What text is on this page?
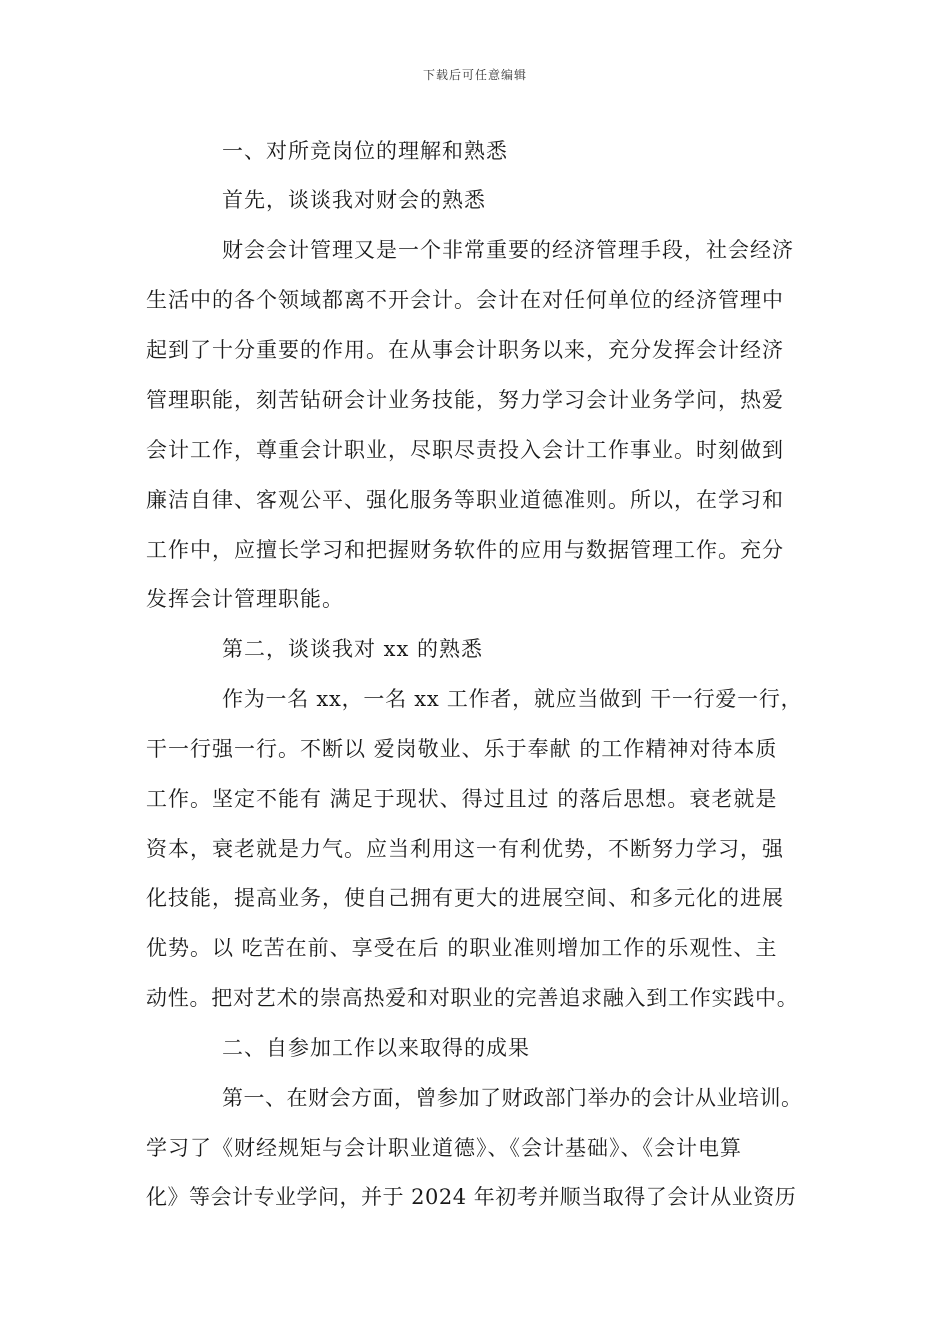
下载后可任意编辑
一、对所竞岗位的理解和熟悉
首先，谈谈我对财会的熟悉
财会会计管理又是一个非常重要的经济管理手段，社会经济
生活中的各个领域都离不开会计。会计在对任何单位的经济管理中
起到了十分重要的作用。在从事会计职务以来，充分发挥会计经济
管理职能，刻苦钻研会计业务技能，努力学习会计业务学问，热爱
会计工作，尊重会计职业，尽职尽责投入会计工作事业。时刻做到
廉洁自律、客观公平、强化服务等职业道德准则。所以，在学习和
工作中，应擅长学习和把握财务软件的应用与数据管理工作。充分
发挥会计管理职能。
第二，谈谈我对 xx 的熟悉
作为一名 xx，一名 xx 工作者，就应当做到 干一行爱一行，
干一行强一行。不断以 爱岗敬业、乐于奉献 的工作精神对待本质
工作。坚定不能有 满足于现状、得过且过 的落后思想。衰老就是
资本，衰老就是力气。应当利用这一有利优势，不断努力学习，强
化技能，提高业务，使自己拥有更大的进展空间、和多元化的进展
优势。以 吃苦在前、享受在后 的职业准则增加工作的乐观性、主
动性。把对艺术的崇高热爱和对职业的完善追求融入到工作实践中。
二、自参加工作以来取得的成果
第一、在财会方面，曾参加了财政部门举办的会计从业培训。
学习了《财经规矩与会计职业道德》、《会计基础》、《会计电算
化》等会计专业学问，并于 2024 年初考并顺当取得了会计从业资历
